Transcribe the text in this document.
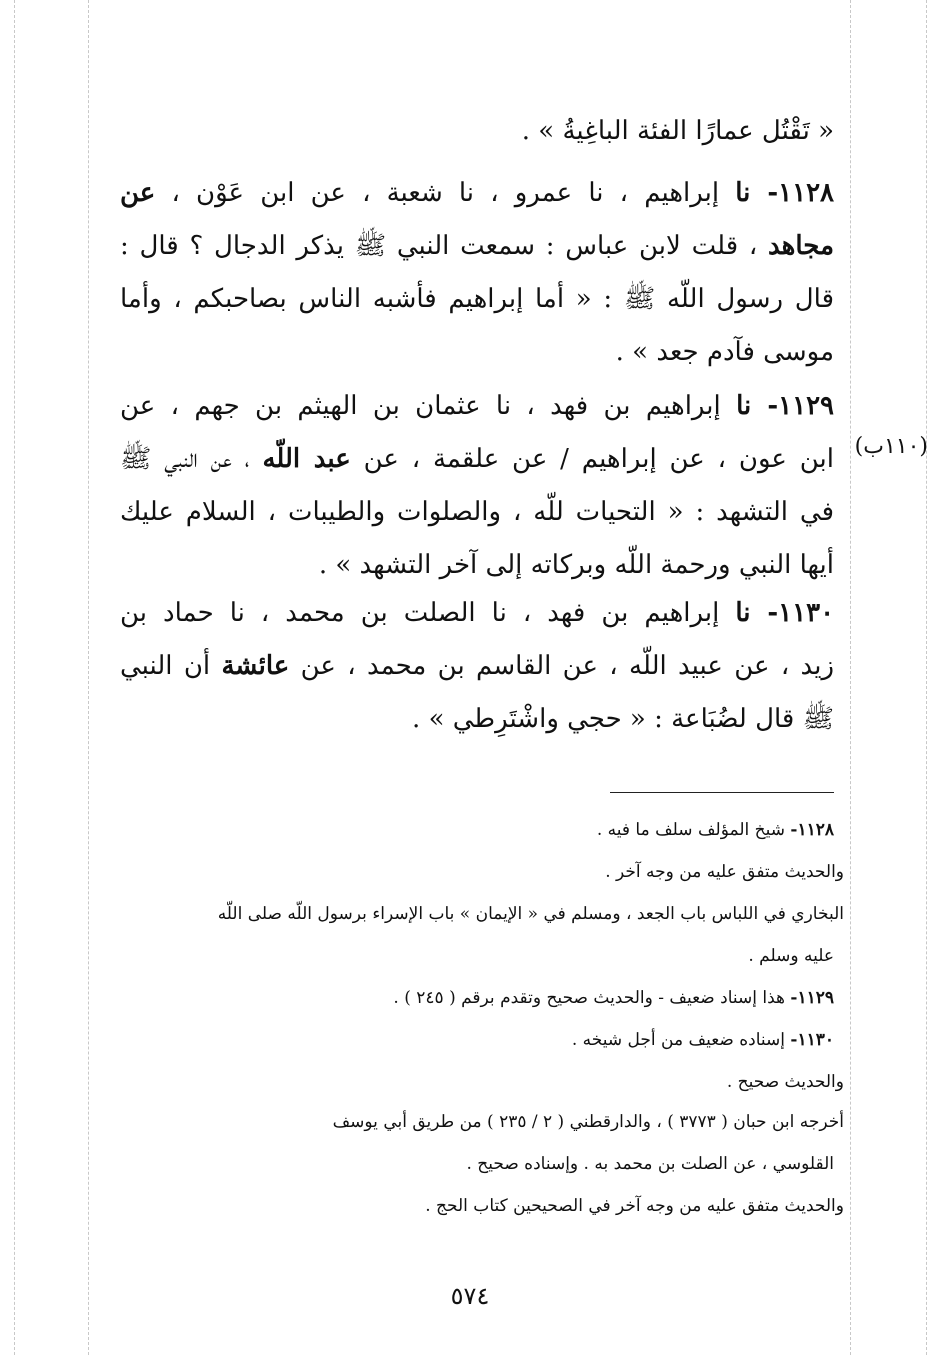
« تَقْتُل عمارًا الفئة الباغِيةُ » .
١١٢٨- نا إبراهيم ، نا عمرو ، نا شعبة ، عن ابن عَوْن ، عن
مجاهد ، قلت لابن عباس : سمعت النبي ﷺ يذكر الدجال ؟ قال :
قال رسول اللّه ﷺ : « أما إبراهيم فأشبه الناس بصاحبكم ، وأما
موسى فآدم جعد » .
١١٢٩- نا إبراهيم بن فهد ، نا عثمان بن الهيثم بن جهم ، عن
ابن عون ، عن إبراهيم / عن علقمة ، عن عبد اللّه ، عن النبي ﷺ
في التشهد : « التحيات للّه ، والصلوات والطيبات ، السلام عليك
أيها النبي ورحمة اللّه وبركاته إلى آخر التشهد » .
(١١٠ب)
١١٣٠- نا إبراهيم بن فهد ، نا الصلت بن محمد ، نا حماد بن
زيد ، عن عبيد اللّه ، عن القاسم بن محمد ، عن عائشة أن النبي
ﷺ قال لضُبَاعة : « حجي واشْتَرِطي » .
١١٢٨- شيخ المؤلف سلف ما فيه .
والحديث متفق عليه من وجه آخر .
البخاري في اللباس باب الجعد ، ومسلم في « الإيمان » باب الإسراء برسول اللّه صلى اللّه
عليه وسلم .
١١٢٩- هذا إسناد ضعيف - والحديث صحيح وتقدم برقم ( ٢٤٥ ) .
١١٣٠- إسناده ضعيف من أجل شيخه .
والحديث صحيح .
أخرجه ابن حبان ( ٣٧٧٣ ) ، والدارقطني ( ٢ / ٢٣٥ ) من طريق أبي يوسف
القلوسي ، عن الصلت بن محمد به . وإسناده صحيح .
والحديث متفق عليه من وجه آخر في الصحيحين كتاب الحج .
٥٧٤
